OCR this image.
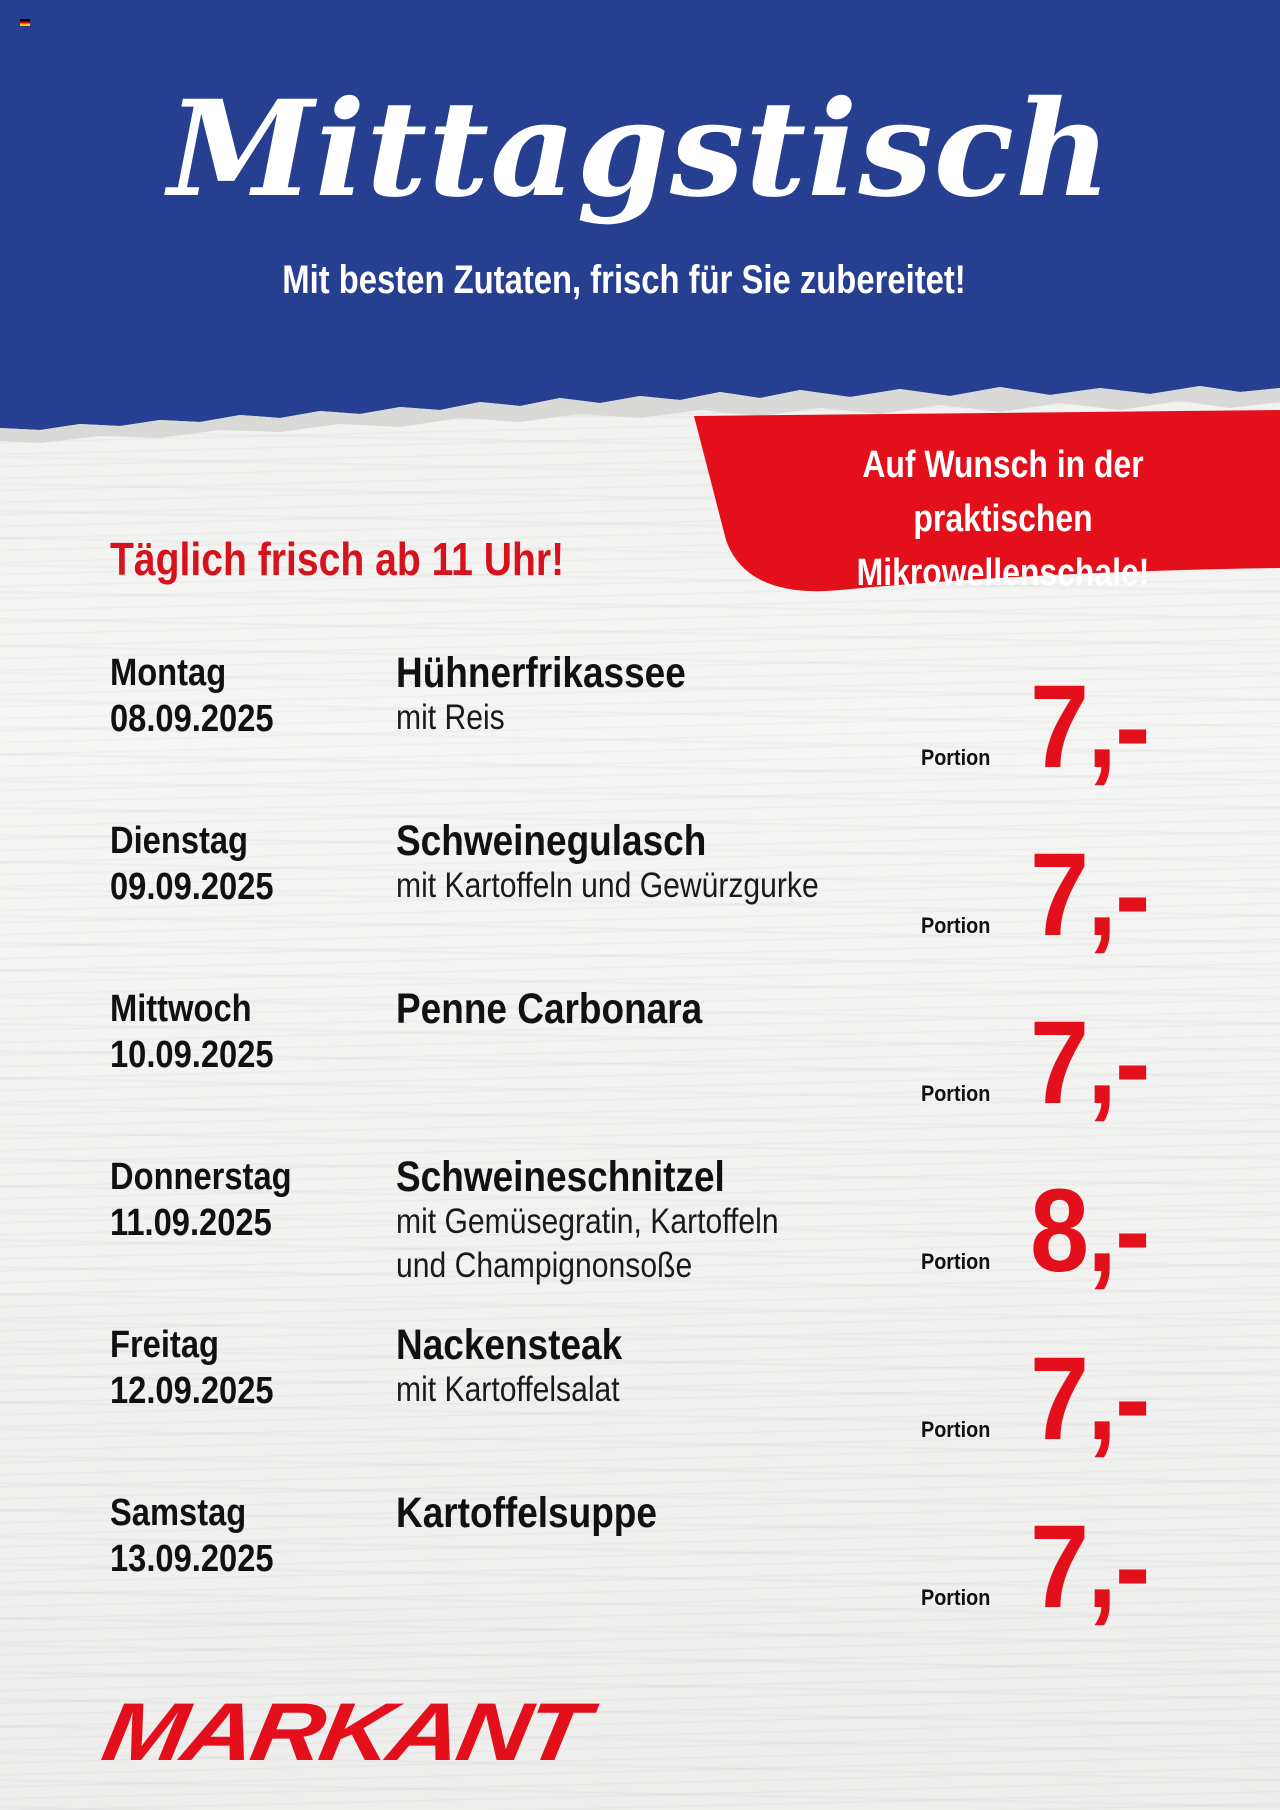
Mittagstisch
Mit besten Zutaten, frisch für Sie zubereitet!
Auf Wunsch in der praktischen
Mikrowellenschale!
Täglich frisch ab 11 Uhr!
Montag
08.09.2025
Hühnerfrikassee
mit Reis
Portion 7,-
Dienstag
09.09.2025
Schweinegulasch
mit Kartoffeln und Gewürzgurke
Portion 7,-
Mittwoch
10.09.2025
Penne Carbonara
Portion 7,-
Donnerstag
11.09.2025
Schweineschnitzel
mit Gemüsegratin, Kartoffeln
und Champignonsoße	Portion 8,-
Freitag
12.09.2025
Nackensteak
mit Kartoffelsalat
Portion 7,-
Samstag
13.09.2025
Kartoffelsuppe
Portion 7,-
MARKANT
